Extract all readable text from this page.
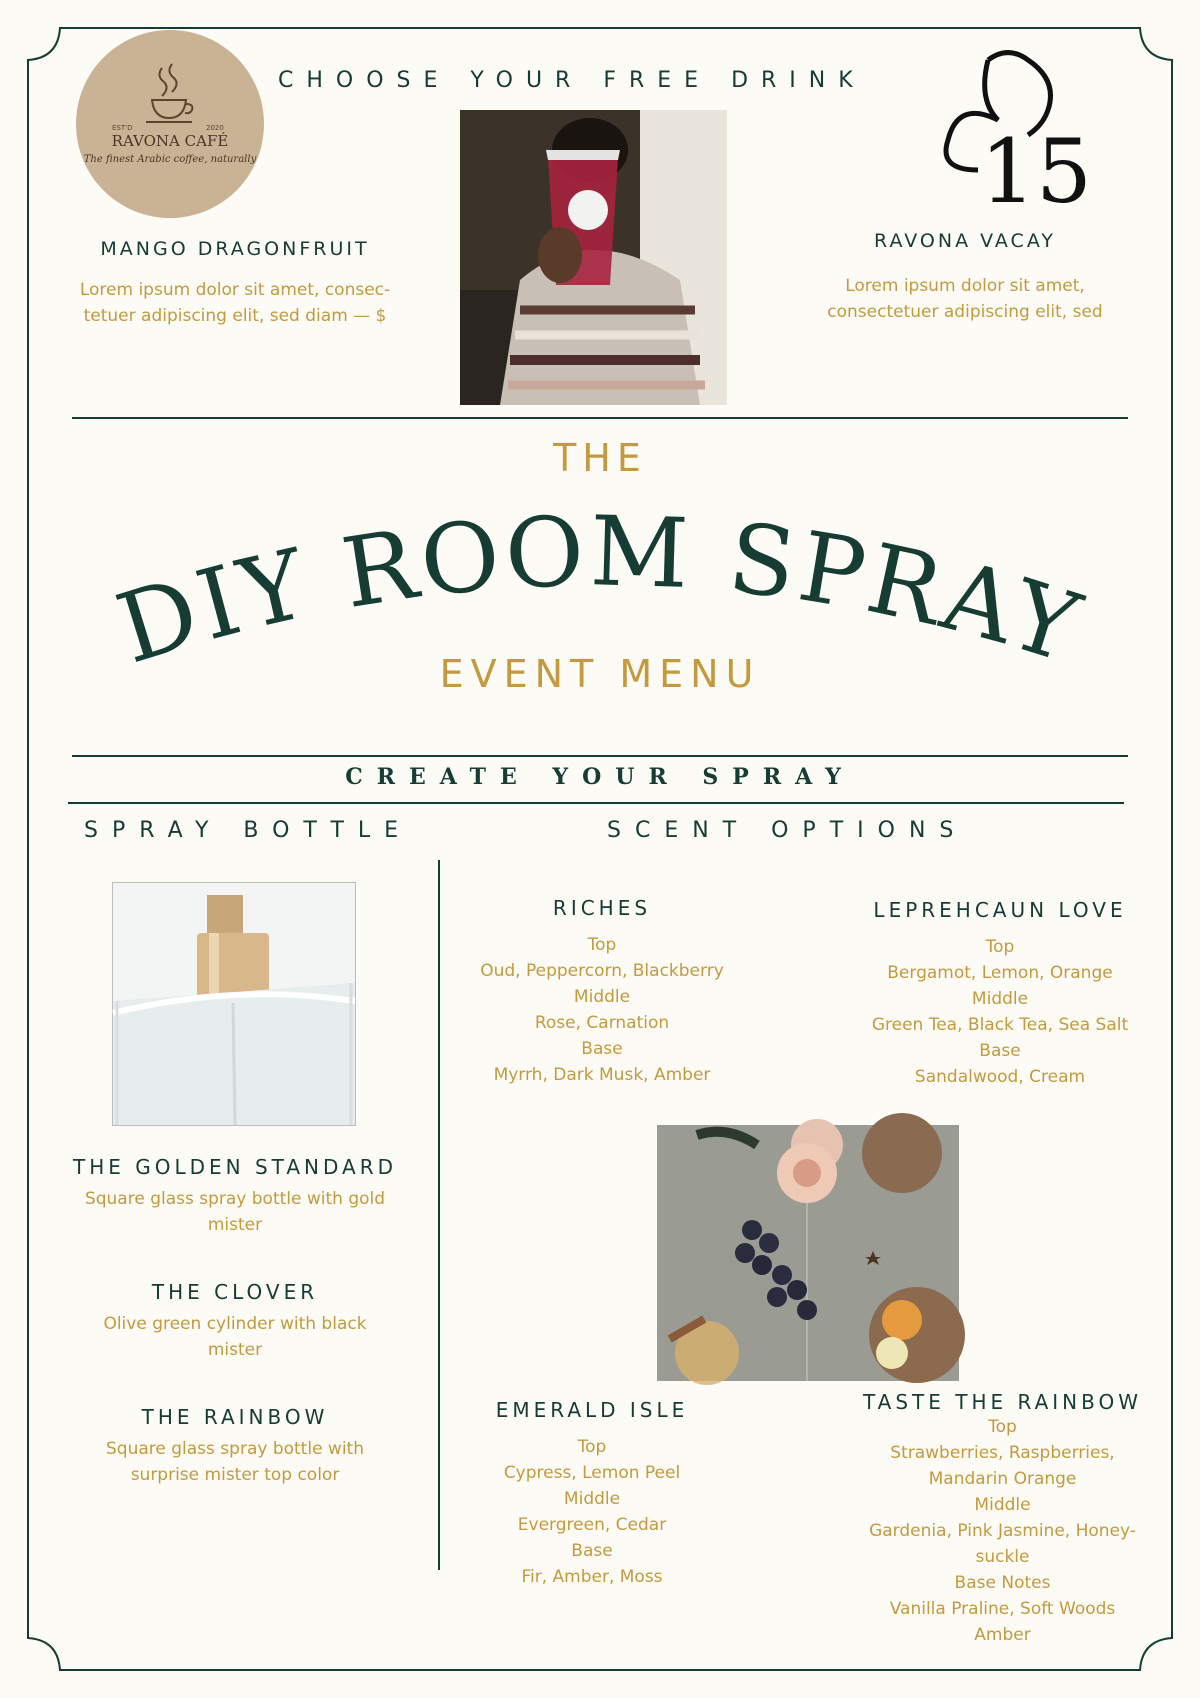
EST'D	2020
RAVONA CAFÉ
The finest Arabic coffee, naturally
CHOOSE YOUR FREE DRINK
15
MANGO DRAGONFRUIT
Lorem ipsum dolor sit amet, consec-
tetuer adipiscing elit, sed diam — $
RAVONA VACAY
Lorem ipsum dolor sit amet,
consectetuer adipiscing elit, sed
THE
DIY ROOM SPRAY
EVENT MENU
CREATE YOUR SPRAY
SPRAY BOTTLE	SCENT OPTIONS
THE GOLDEN STANDARD
Square glass spray bottle with gold
mister
THE CLOVER
Olive green cylinder with black
mister
THE RAINBOW
Square glass spray bottle with
surprise mister top color
RICHES
Top
Oud, Peppercorn, Blackberry
Middle
Rose, Carnation
Base
Myrrh, Dark Musk, Amber
LEPREHCAUN LOVE
Top
Bergamot, Lemon, Orange
Middle
Green Tea, Black Tea, Sea Salt
Base
Sandalwood, Cream
EMERALD ISLE
Top
Cypress, Lemon Peel
Middle
Evergreen, Cedar
Base
Fir, Amber, Moss
TASTE THE RAINBOW
Top
Strawberries, Raspberries,
Mandarin Orange
Middle
Gardenia, Pink Jasmine, Honey-
suckle
Base Notes
Vanilla Praline, Soft Woods
Amber
